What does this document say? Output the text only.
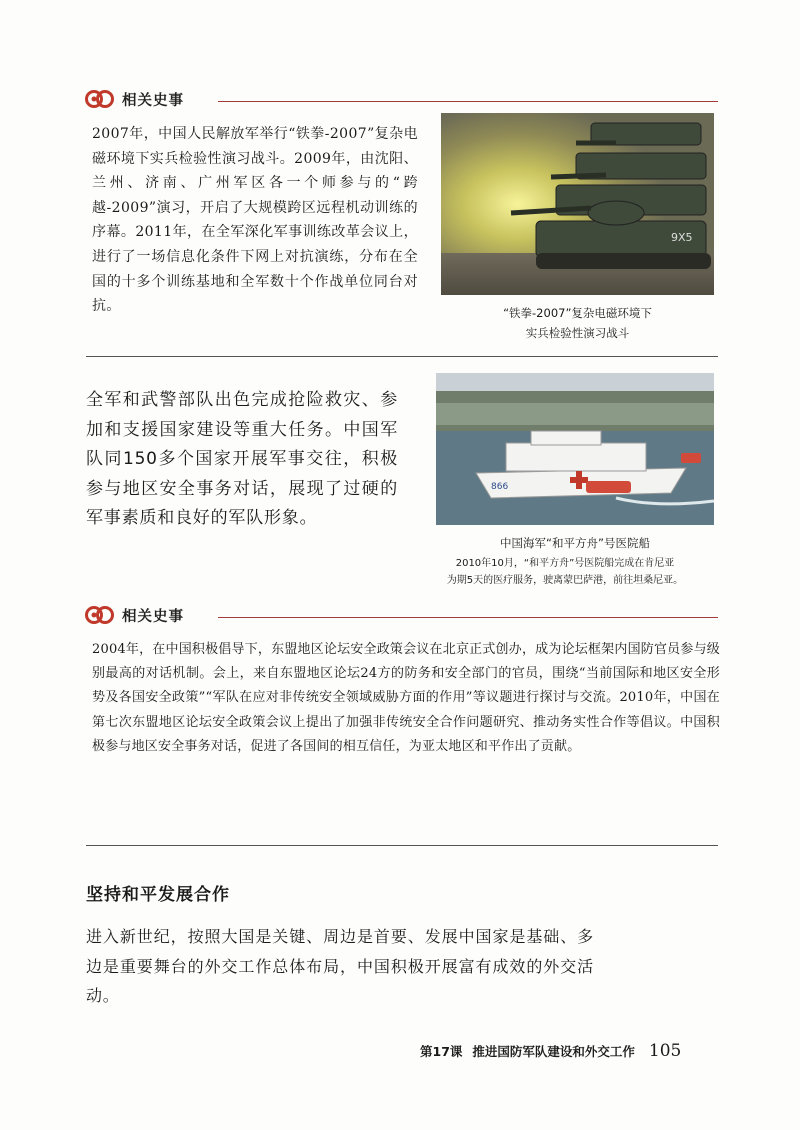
相关史事
2007年，中国人民解放军举行“铁拳-2007”复杂电磁环境下实兵检验性演习战斗。2009年，由沈阳、兰州、济南、广州军区各一个师参与的“跨越-2009”演习，开启了大规模跨区远程机动训练的序幕。2011年，在全军深化军事训练改革会议上，进行了一场信息化条件下网上对抗演练，分布在全国的十多个训练基地和全军数十个作战单位同台对抗。
9X5
“铁拳-2007”复杂电磁环境下
实兵检验性演习战斗
全军和武警部队出色完成抢险救灾、参加和支援国家建设等重大任务。中国军队同150多个国家开展军事交往，积极参与地区安全事务对话，展现了过硬的军事素质和良好的军队形象。
866
中国海军“和平方舟”号医院船
2010年10月，“和平方舟”号医院船完成在肯尼亚
为期5天的医疗服务，驶离蒙巴萨港，前往坦桑尼亚。
相关史事
2004年，在中国积极倡导下，东盟地区论坛安全政策会议在北京正式创办，成为论坛框架内国防官员参与级别最高的对话机制。会上，来自东盟地区论坛24方的防务和安全部门的官员，围绕“当前国际和地区安全形势及各国安全政策”“军队在应对非传统安全领域威胁方面的作用”等议题进行探讨与交流。2010年，中国在第七次东盟地区论坛安全政策会议上提出了加强非传统安全合作问题研究、推动务实性合作等倡议。中国积极参与地区安全事务对话，促进了各国间的相互信任，为亚太地区和平作出了贡献。
坚持和平发展合作
进入新世纪，按照大国是关键、周边是首要、发展中国家是基础、多边是重要舞台的外交工作总体布局，中国积极开展富有成效的外交活动。
第17课 推进国防军队建设和外交工作 105
